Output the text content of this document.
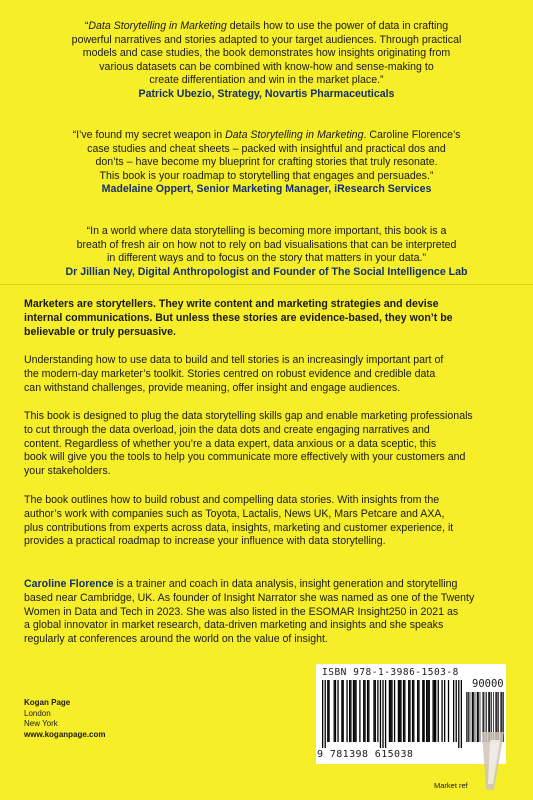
“Data Storytelling in Marketing details how to use the power of data in crafting
powerful narratives and stories adapted to your target audiences. Through practical
models and case studies, the book demonstrates how insights originating from
various datasets can be combined with know-how and sense-making to
create differentiation and win in the market place.”
Patrick Ubezio, Strategy, Novartis Pharmaceuticals
“I’ve found my secret weapon in Data Storytelling in Marketing. Caroline Florence’s
case studies and cheat sheets – packed with insightful and practical dos and
don’ts – have become my blueprint for crafting stories that truly resonate.
This book is your roadmap to storytelling that engages and persuades.”
Madelaine Oppert, Senior Marketing Manager, iResearch Services
“In a world where data storytelling is becoming more important, this book is a
breath of fresh air on how not to rely on bad visualisations that can be interpreted
in different ways and to focus on the story that matters in your data.”
Dr Jillian Ney, Digital Anthropologist and Founder of The Social Intelligence Lab

Marketers are storytellers. They write content and marketing strategies and devise
internal communications. But unless these stories are evidence-based, they won’t be
believable or truly persuasive.

Understanding how to use data to build and tell stories is an increasingly important part of
the modern-day marketer’s toolkit. Stories centred on robust evidence and credible data
can withstand challenges, provide meaning, offer insight and engage audiences.

This book is designed to plug the data storytelling skills gap and enable marketing professionals
to cut through the data overload, join the data dots and create engaging narratives and
content. Regardless of whether you’re a data expert, data anxious or a data sceptic, this
book will give you the tools to help you communicate more effectively with your customers and
your stakeholders.

The book outlines how to build robust and compelling data stories. With insights from the
author’s work with companies such as Toyota, Lactalis, News UK, Mars Petcare and AXA,
plus contributions from experts across data, insights, marketing and customer experience, it
provides a practical roadmap to increase your influence with data storytelling.

Caroline Florence is a trainer and coach in data analysis, insight generation and storytelling
based near Cambridge, UK. As founder of Insight Narrator she was named as one of the Twenty
Women in Data and Tech in 2023. She was also listed in the ESOMAR Insight250 in 2021 as
a global innovator in market research, data-driven marketing and insights and she speaks
regularly at conferences around the world on the value of insight.

Kogan Page
London
New York
www.koganpage.com
ISBN 978-1-3986-1503-8
90000
9 781398 615038
Market ref
